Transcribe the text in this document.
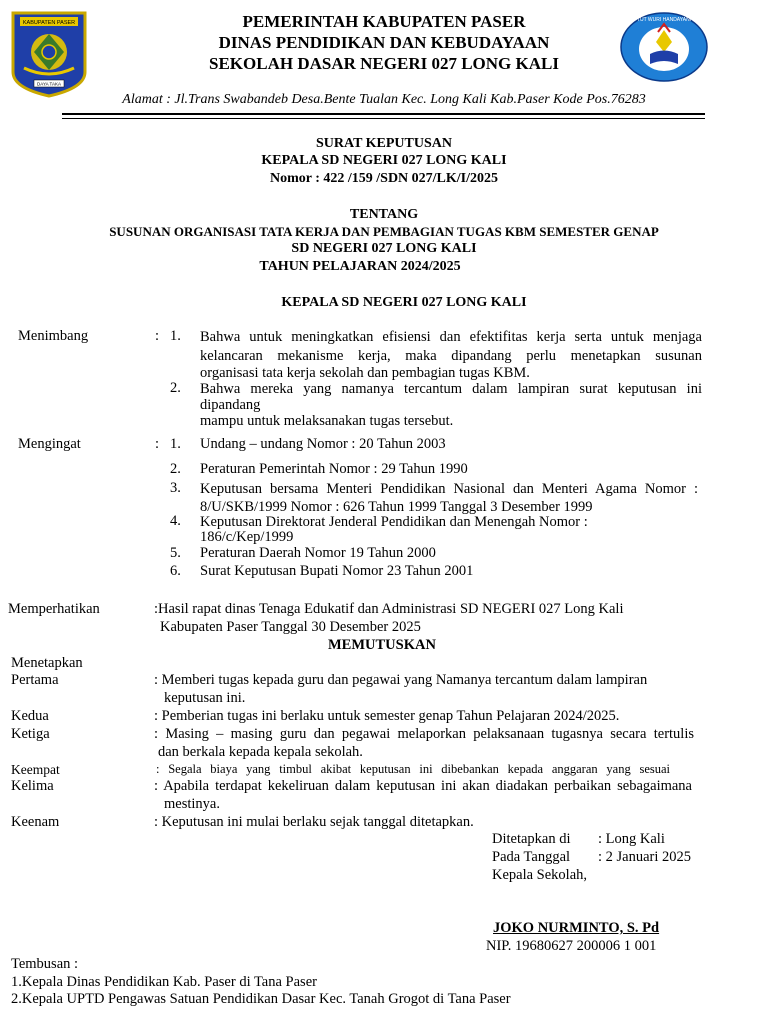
KABUPATEN PASER
DAYA TAKA
TUT WURI HANDAYANI
PEMERINTAH KABUPATEN PASER
DINAS PENDIDIKAN DAN KEBUDAYAAN
SEKOLAH DASAR NEGERI 027 LONG KALI
Alamat : Jl.Trans Swabandeb Desa.Bente Tualan Kec. Long Kali Kab.Paser Kode Pos.76283
SURAT KEPUTUSAN
KEPALA SD NEGERI 027 LONG KALI
Nomor : 422 /159 /SDN 027/LK/I/2025
TENTANG
SUSUNAN ORGANISASI TATA KERJA DAN PEMBAGIAN TUGAS KBM SEMESTER GENAP
SD NEGERI 027 LONG KALI
TAHUN PELAJARAN 2024/2025
KEPALA SD NEGERI 027 LONG KALI
Menimbang	: 1. Bahwa untuk meningkatkan efisiensi dan efektifitas kerja serta untuk menjaga
kelancaran mekanisme kerja, maka dipandang perlu menetapkan susunan
organisasi tata kerja sekolah dan pembagian tugas KBM.
2. Bahwa mereka yang namanya tercantum dalam lampiran surat keputusan ini
dipandang
mampu untuk melaksanakan tugas tersebut.
Mengingat	: 1. Undang – undang Nomor : 20 Tahun 2003
2. Peraturan Pemerintah Nomor : 29 Tahun 1990
3. Keputusan bersama Menteri Pendidikan Nasional dan Menteri Agama Nomor :
8/U/SKB/1999 Nomor : 626 Tahun 1999 Tanggal 3 Desember 1999
4. Keputusan Direktorat Jenderal Pendidikan dan Menengah Nomor :
186/c/Kep/1999
5. Peraturan Daerah Nomor 19 Tahun 2000
6. Surat Keputusan Bupati Nomor 23 Tahun 2001
Memperhatikan	:Hasil rapat dinas Tenaga Edukatif dan Administrasi SD NEGERI 027 Long Kali
Kabupaten Paser Tanggal 30 Desember 2025
MEMUTUSKAN
Menetapkan
Pertama	: Memberi tugas kepada guru dan pegawai yang Namanya tercantum dalam lampiran
keputusan ini.
Kedua	: Pemberian tugas ini berlaku untuk semester genap Tahun Pelajaran 2024/2025.
Ketiga	: Masing – masing guru dan pegawai melaporkan pelaksanaan tugasnya secara tertulis
dan berkala kepada kepala sekolah.
Keempat	: Segala biaya yang timbul akibat keputusan ini dibebankan kepada anggaran yang sesuai
Kelima	: Apabila terdapat kekeliruan dalam keputusan ini akan diadakan perbaikan sebagaimana
mestinya.
Keenam	: Keputusan ini mulai berlaku sejak tanggal ditetapkan.
Ditetapkan di : Long Kali
Pada Tanggal : 2 Januari 2025
Kepala Sekolah,
JOKO NURMINTO, S. Pd
NIP. 19680627 200006 1 001
Tembusan :
1.Kepala Dinas Pendidikan Kab. Paser di Tana Paser
2.Kepala UPTD Pengawas Satuan Pendidikan Dasar Kec. Tanah Grogot di Tana Paser
